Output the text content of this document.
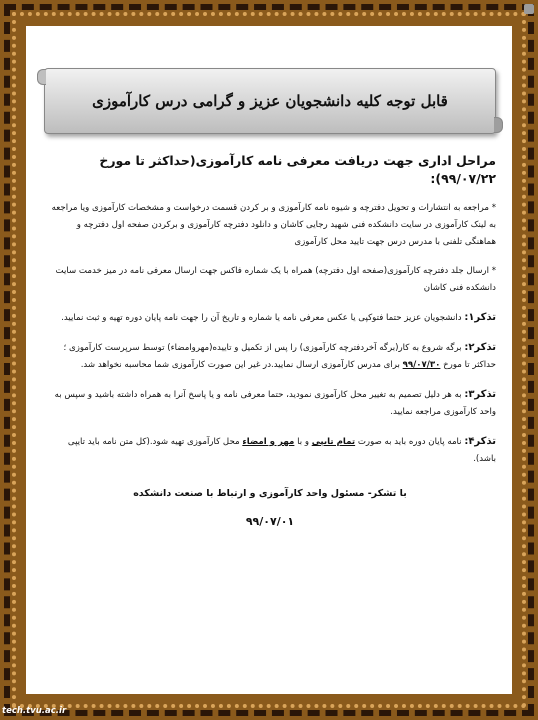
قابل توجه کلیه دانشجویان عزیز و گرامی درس کارآموزی
مراحل اداری جهت دریافت معرفی نامه کارآموزی(حداکثر تا مورخ ۹۹/۰۷/۲۲):

* مراجعه به انتشارات و تحویل دفترچه و شیوه نامه کارآموزی و بر کردن قسمت درخواست و مشخصات کارآموزی ویا مراجعه به لینک کارآموزی در سایت دانشکده فنی شهید رجایی کاشان و دانلود دفترچه کارآموزی و برکردن صفحه اول دفترچه و هماهنگی تلفنی با مدرس درس جهت تایید محل کارآموزی

* ارسال جلد دفترچه کارآموزی(صفحه اول دفترچه) همراه با یک شماره فاکس جهت ارسال معرفی نامه در میز خدمت سایت دانشکده فنی کاشان

تذکر۱: دانشجویان عزیز حتما فتوکپی یا عکس معرفی نامه یا شماره و تاریخ آن را جهت نامه پایان دوره تهیه و ثبت نمایید.

تذکر۲: برگه شروع به کار(برگه آخردفترچه کارآموزی) را پس از تکمیل و تاییده(مهروامضاء) توسط سرپرست کارآموزی ؛ حداکثر تا مورخ ۹۹/۰۷/۳۰ برای مدرس کارآموزی ارسال نمایید.در غیر این صورت کارآموزی شما محاسبه نخواهد شد.

تذکر۳: به هر دلیل تصمیم به تغییر محل کارآموزی نمودید، حتما معرفی نامه و یا پاسخ آنرا به همراه داشته باشید و سپس به واحد کارآموزی مراجعه نمایید.

تذکر۴: نامه پایان دوره باید به صورت تمام تایپی و با مهر و امضاء محل کارآموزی تهیه شود.(کل متن نامه باید تایپی باشد).

با تشکر- مسئول واحد کارآموزی و ارتباط با صنعت دانشکده
۹۹/۰۷/۰۱
tech.tvu.ac.ir
